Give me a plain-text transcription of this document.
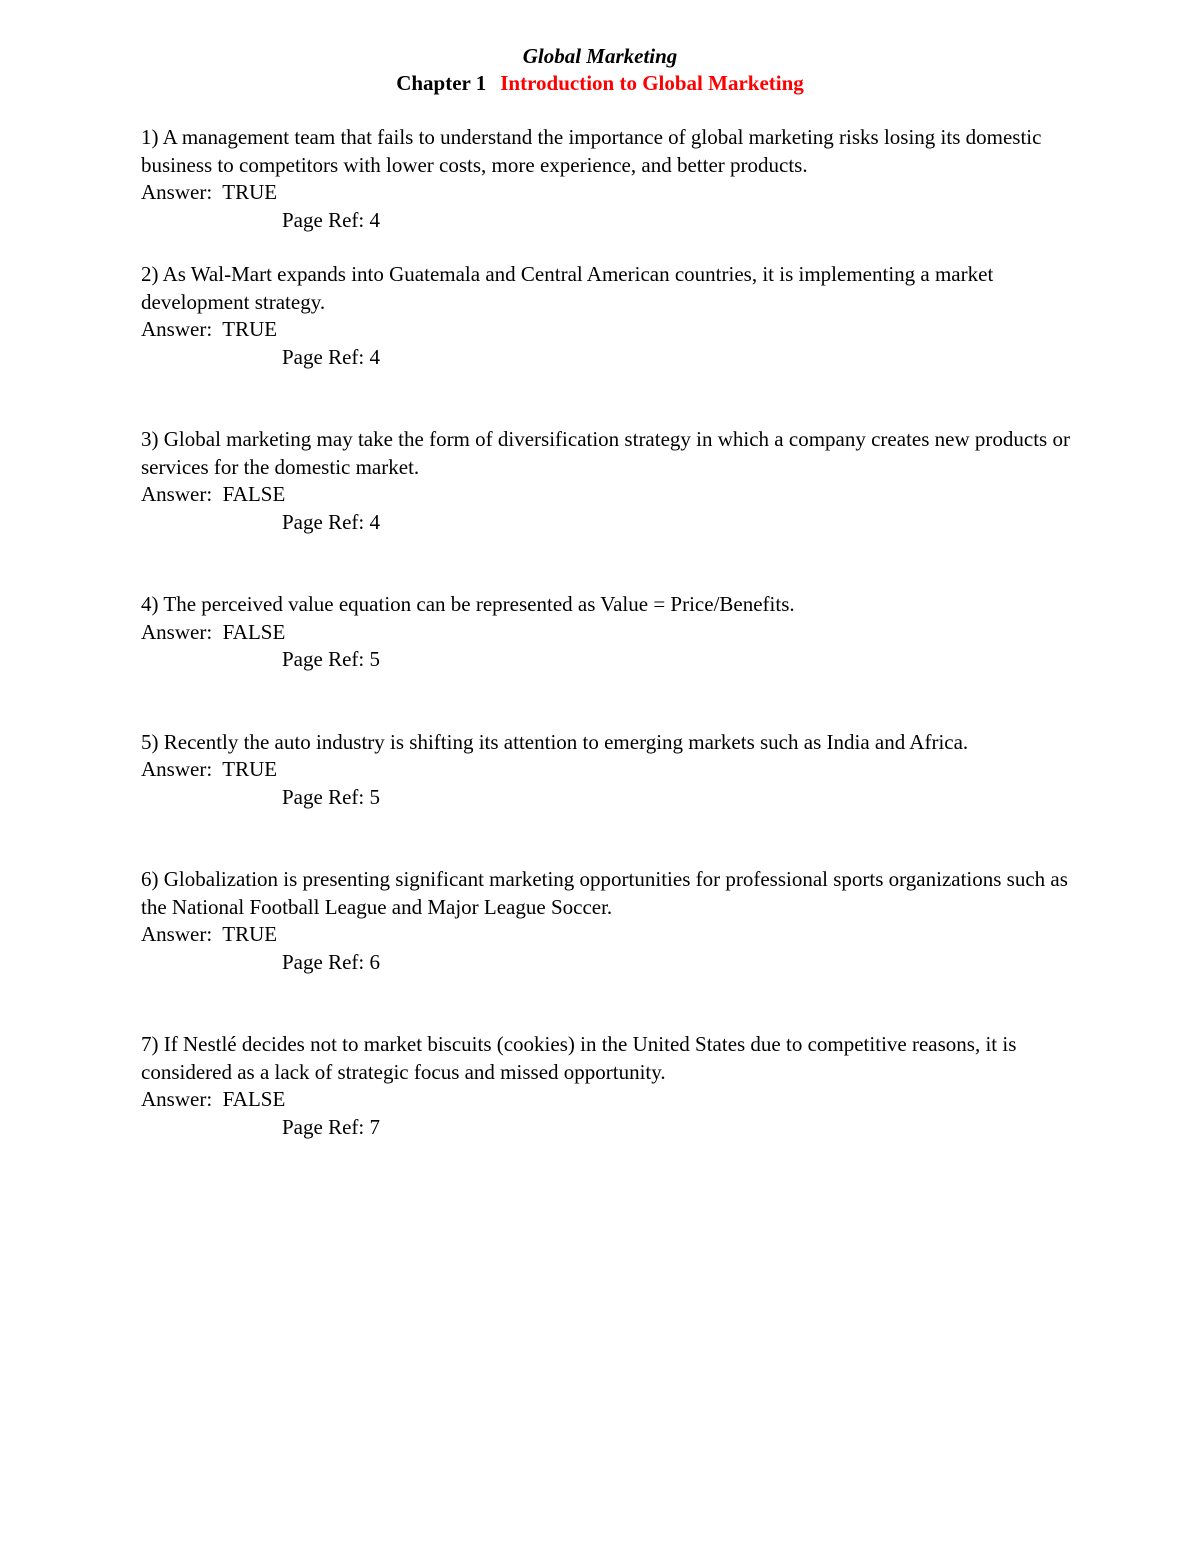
Global Marketing
Chapter 1 Introduction to Global Marketing

1) A management team that fails to understand the importance of global marketing risks losing its domestic business to competitors with lower costs, more experience, and better products.

Answer: TRUE

Page Ref: 4

2) As Wal-Mart expands into Guatemala and Central American countries, it is implementing a market development strategy.

Answer: TRUE

Page Ref: 4

3) Global marketing may take the form of diversification strategy in which a company creates new products or services for the domestic market.

Answer: FALSE

Page Ref: 4

4) The perceived value equation can be represented as Value = Price/Benefits.

Answer: FALSE

Page Ref: 5

5) Recently the auto industry is shifting its attention to emerging markets such as India and Africa.

Answer: TRUE

Page Ref: 5

6) Globalization is presenting significant marketing opportunities for professional sports organizations such as the National Football League and Major League Soccer.

Answer: TRUE

Page Ref: 6

7) If Nestlé decides not to market biscuits (cookies) in the United States due to competitive reasons, it is considered as a lack of strategic focus and missed opportunity.

Answer: FALSE

Page Ref: 7
